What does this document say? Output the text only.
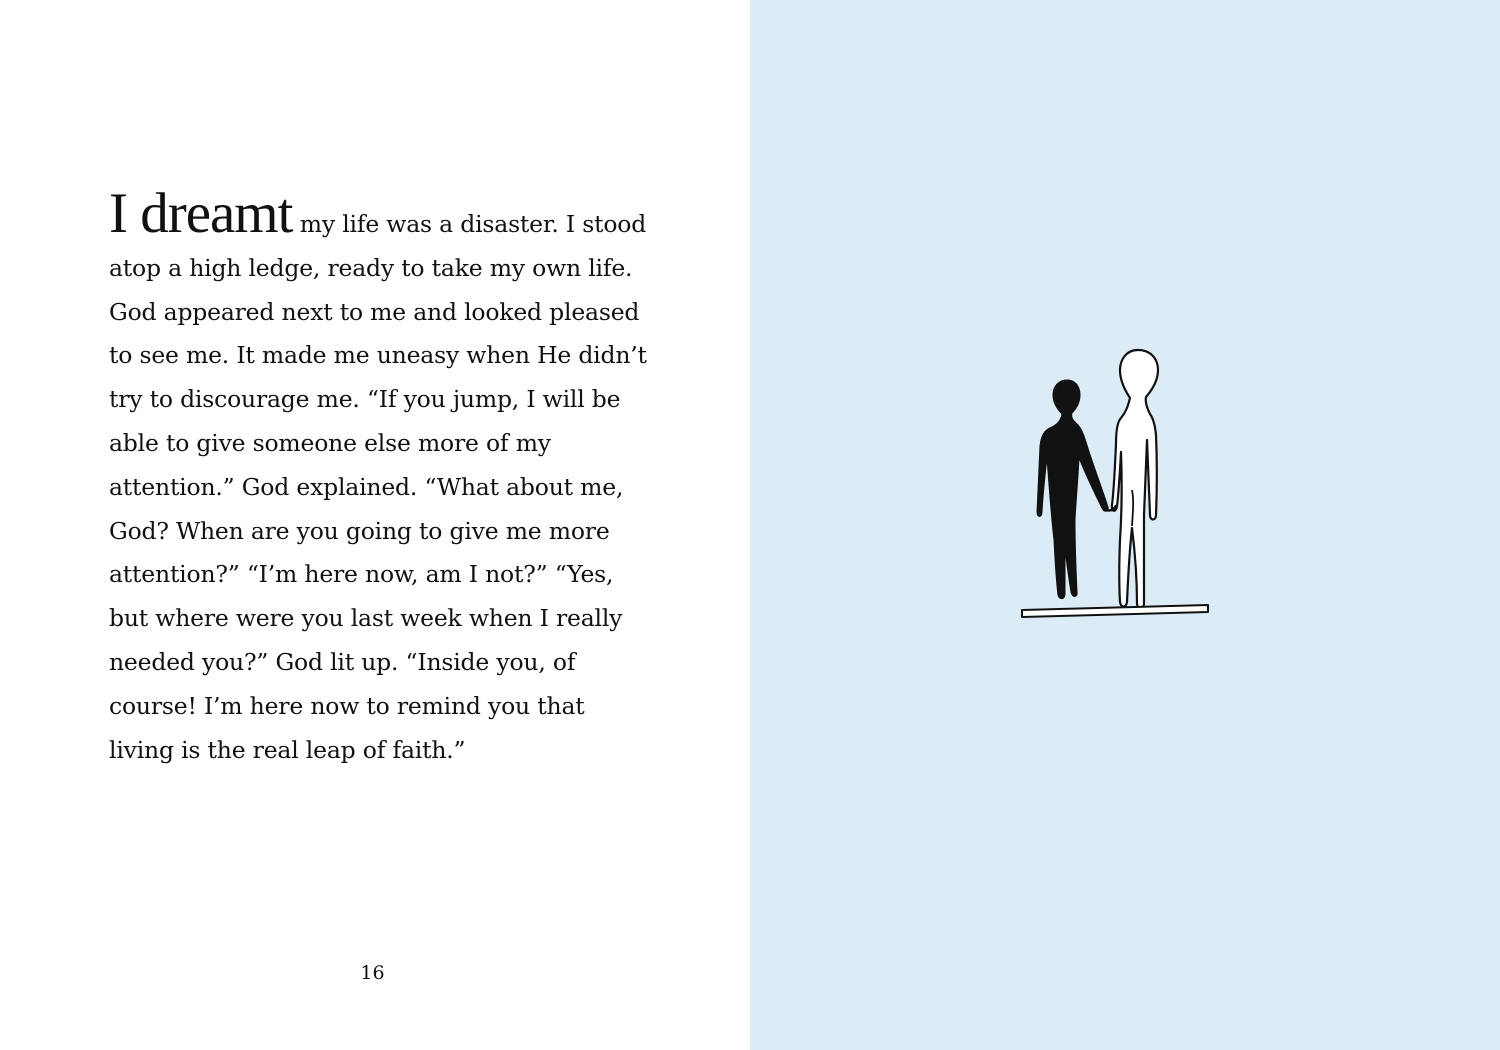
I dreamt my life was a disaster. I stood
atop a high ledge, ready to take my own life.
God appeared next to me and looked pleased
to see me. It made me uneasy when He didn’t
try to discourage me. “If you jump, I will be
able to give someone else more of my
attention.” God explained. “What about me,
God? When are you going to give me more
attention?” “I’m here now, am I not?” “Yes,
but where were you last week when I really
needed you?” God lit up. “Inside you, of
course! I’m here now to remind you that
living is the real leap of faith.”

16
